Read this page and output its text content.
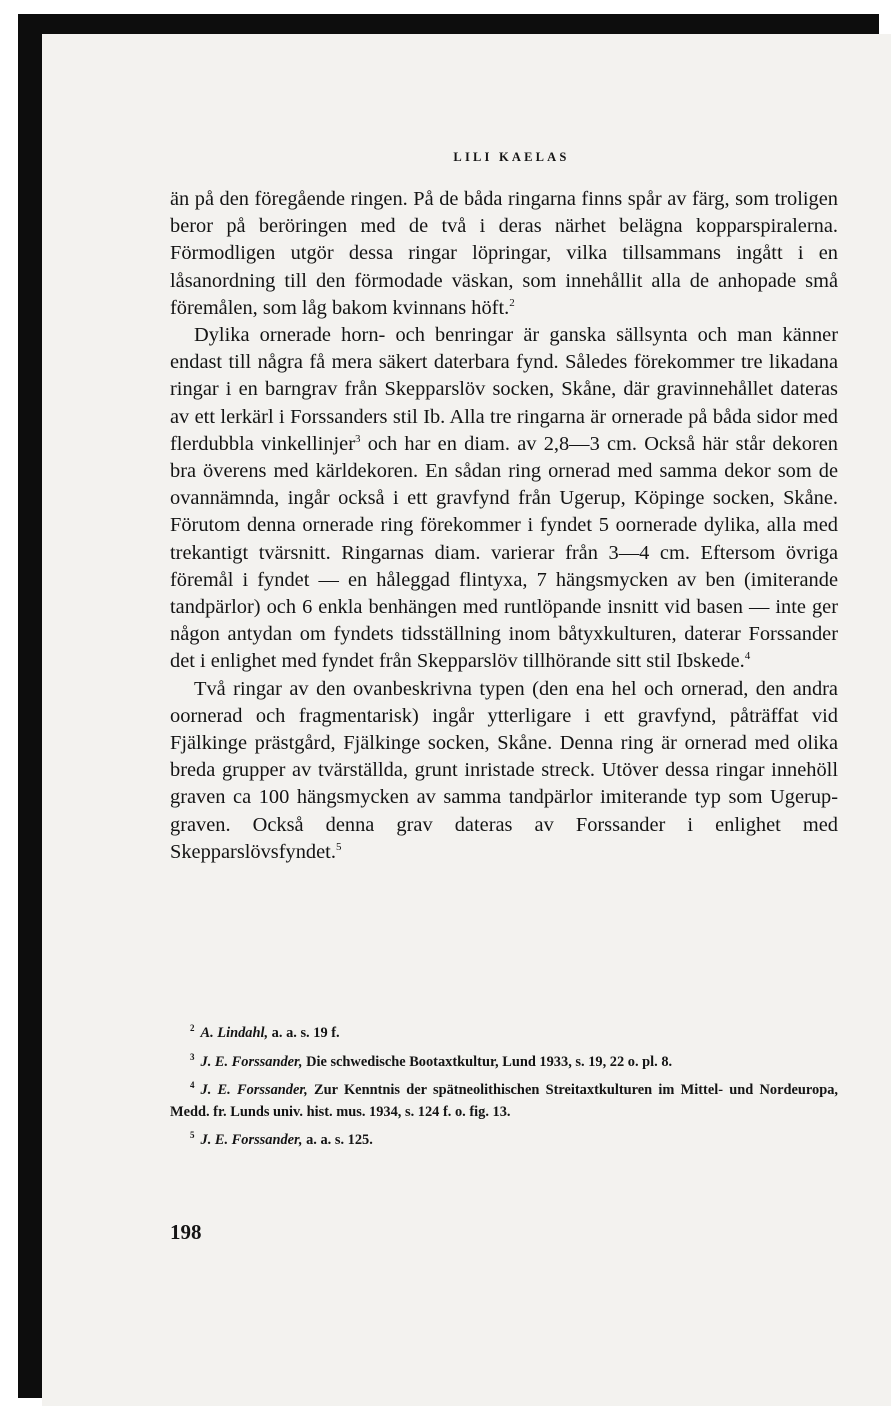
LILI KAELAS

än på den föregående ringen. På de båda ringarna finns spår av färg, som troligen beror på beröringen med de två i deras närhet belägna kopparspiralerna. Förmodligen utgör dessa ringar löpringar, vilka tillsammans ingått i en låsanordning till den förmodade väskan, som innehållit alla de anhopade små föremålen, som låg bakom kvinnans höft.$^2$

Dylika ornerade horn- och benringar är ganska sällsynta och man känner endast till några få mera säkert daterbara fynd. Således förekommer tre likadana ringar i en barngrav från Skepparslöv socken, Skåne, där gravinnehållet dateras av ett lerkärl i Forssanders stil Ib. Alla tre ringarna är ornerade på båda sidor med flerdubbla vinkellinjer$^3$ och har en diam. av 2,8—3 cm. Också här står dekoren bra överens med kärldekoren. En sådan ring ornerad med samma dekor som de ovannämnda, ingår också i ett gravfynd från Ugerup, Köpinge socken, Skåne. Förutom denna ornerade ring förekommer i fyndet 5 oornerade dylika, alla med trekantigt tvärsnitt. Ringarnas diam. varierar från 3—4 cm. Eftersom övriga föremål i fyndet — en håleggad flintyxa, 7 hängsmycken av ben (imiterande tandpärlor) och 6 enkla benhängen med runtlöpande insnitt vid basen — inte ger någon antydan om fyndets tidsställning inom båtyxkulturen, daterar Forssander det i enlighet med fyndet från Skepparslöv tillhörande sitt stil Ibskede.$^4$

Två ringar av den ovanbeskrivna typen (den ena hel och ornerad, den andra oornerad och fragmentarisk) ingår ytterligare i ett gravfynd, påträffat vid Fjälkinge prästgård, Fjälkinge socken, Skåne. Denna ring är ornerad med olika breda grupper av tvärställda, grunt inristade streck. Utöver dessa ringar innehöll graven ca 100 hängsmycken av samma tandpärlor imiterande typ som Ugerup-graven. Också denna grav dateras av Forssander i enlighet med Skepparslövsfyndet.$^5$

$^2$ A. Lindahl, a. a. s. 19 f.
$^3$ J. E. Forssander, Die schwedische Bootaxtkultur, Lund 1933, s. 19, 22 o. pl. 8.
$^4$ J. E. Forssander, Zur Kenntnis der spätneolithischen Streitaxtkulturen im Mittel- und Nordeuropa, Medd. fr. Lunds univ. hist. mus. 1934, s. 124 f. o. fig. 13.
$^5$ J. E. Forssander, a. a. s. 125.
198
